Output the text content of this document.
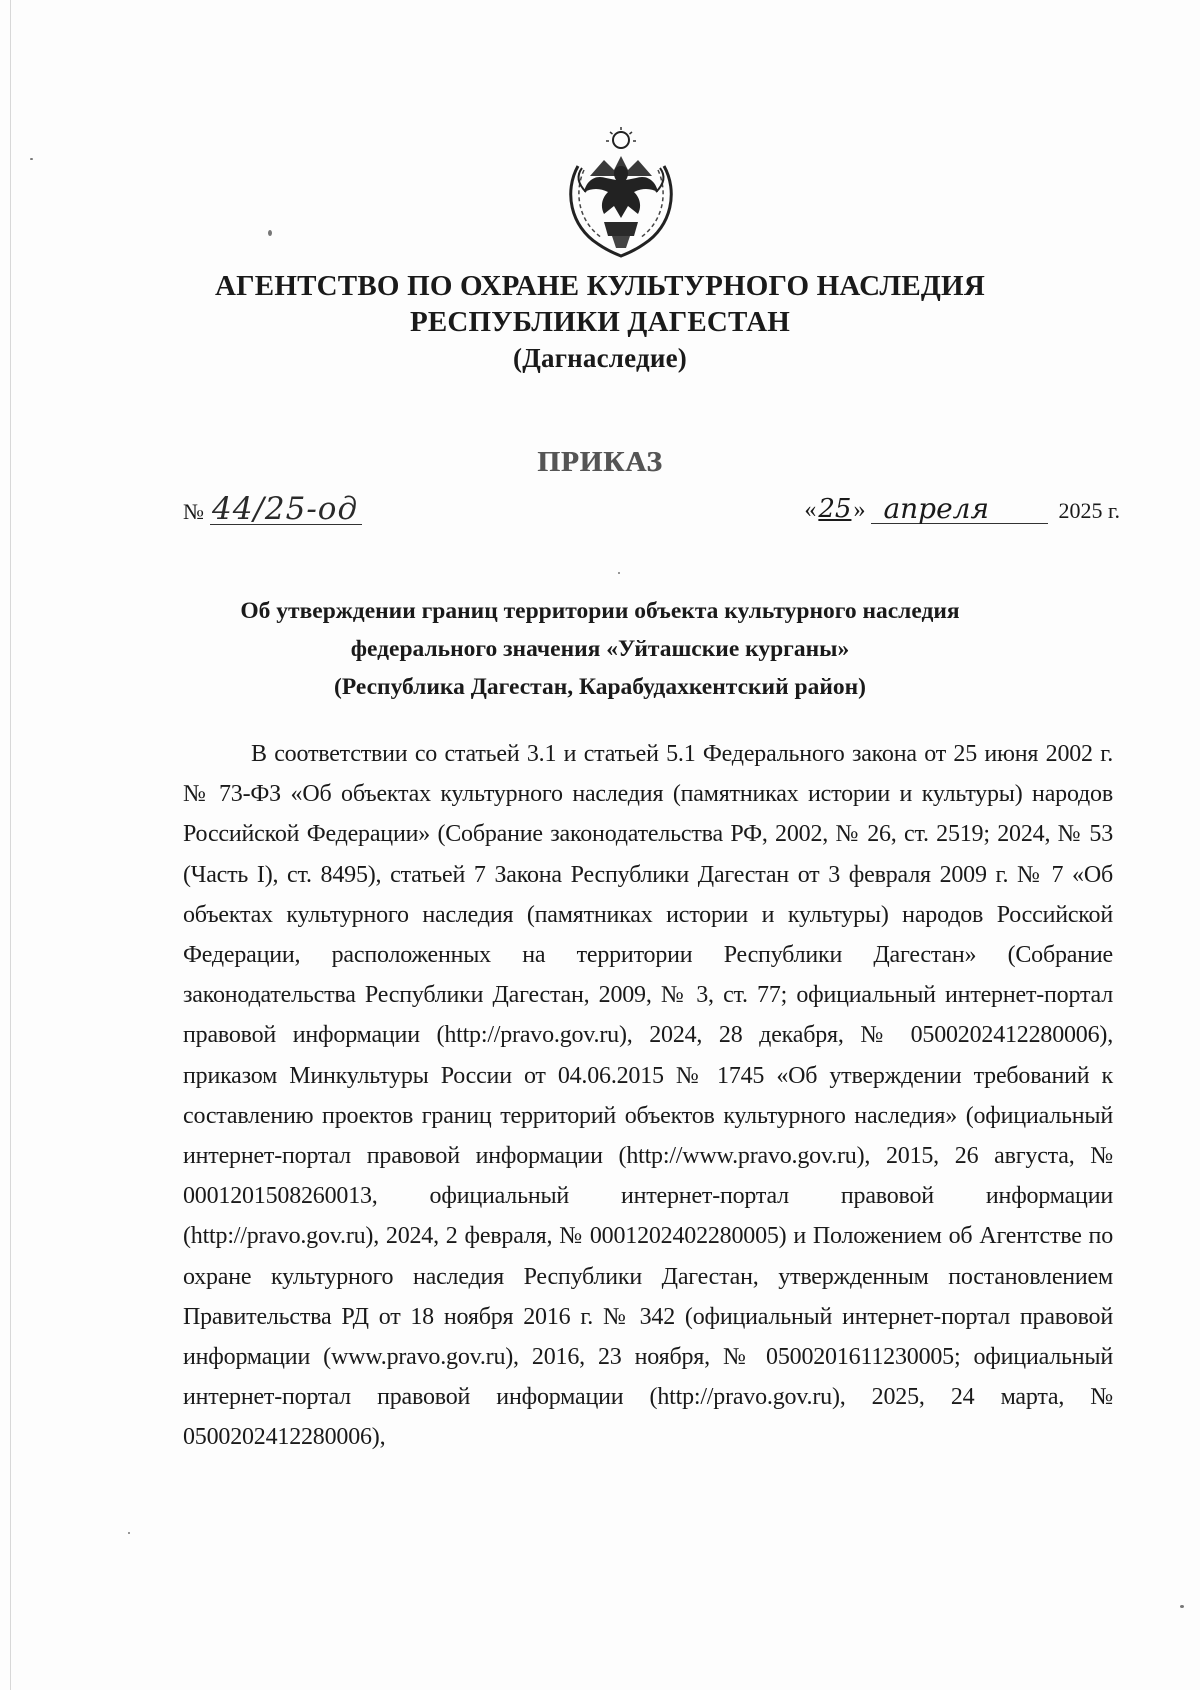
АГЕНТСТВО ПО ОХРАНЕ КУЛЬТУРНОГО НАСЛЕДИЯ
РЕСПУБЛИКИ ДАГЕСТАН
(Дагнаследие)
ПРИКАЗ
№ 44/25-од	« 25 » апреля	2025 г.
Об утверждении границ территории объекта культурного наследия
федерального значения «Уйташские курганы»
(Республика Дагестан, Карабудахкентский район)
В соответствии со статьей 3.1 и статьей 5.1 Федерального закона от 25 июня 2002 г. № 73-ФЗ «Об объектах культурного наследия (памятниках истории и культуры) народов Российской Федерации» (Собрание законодательства РФ, 2002, № 26, ст. 2519; 2024, № 53 (Часть I), ст. 8495), статьей 7 Закона Республики Дагестан от 3 февраля 2009 г. № 7 «Об объектах культурного наследия (памятниках истории и культуры) народов Российской Федерации, расположенных на территории Республики Дагестан» (Собрание законодательства Республики Дагестан, 2009, № 3, ст. 77; официальный интернет-портал правовой информации (http://pravo.gov.ru), 2024, 28 декабря, № 0500202412280006), приказом Минкультуры России от 04.06.2015 № 1745 «Об утверждении требований к составлению проектов границ территорий объектов культурного наследия» (официальный интернет-портал правовой информации (http://www.pravo.gov.ru), 2015, 26 августа, № 0001201508260013, официальный интернет-портал правовой информации (http://pravo.gov.ru), 2024, 2 февраля, № 0001202402280005) и Положением об Агентстве по охране культурного наследия Республики Дагестан, утвержденным постановлением Правительства РД от 18 ноября 2016 г. № 342 (официальный интернет-портал правовой информации (www.pravo.gov.ru), 2016, 23 ноября, № 0500201611230005; официальный интернет-портал правовой информации (http://pravo.gov.ru), 2025, 24 марта, № 0500202412280006),
